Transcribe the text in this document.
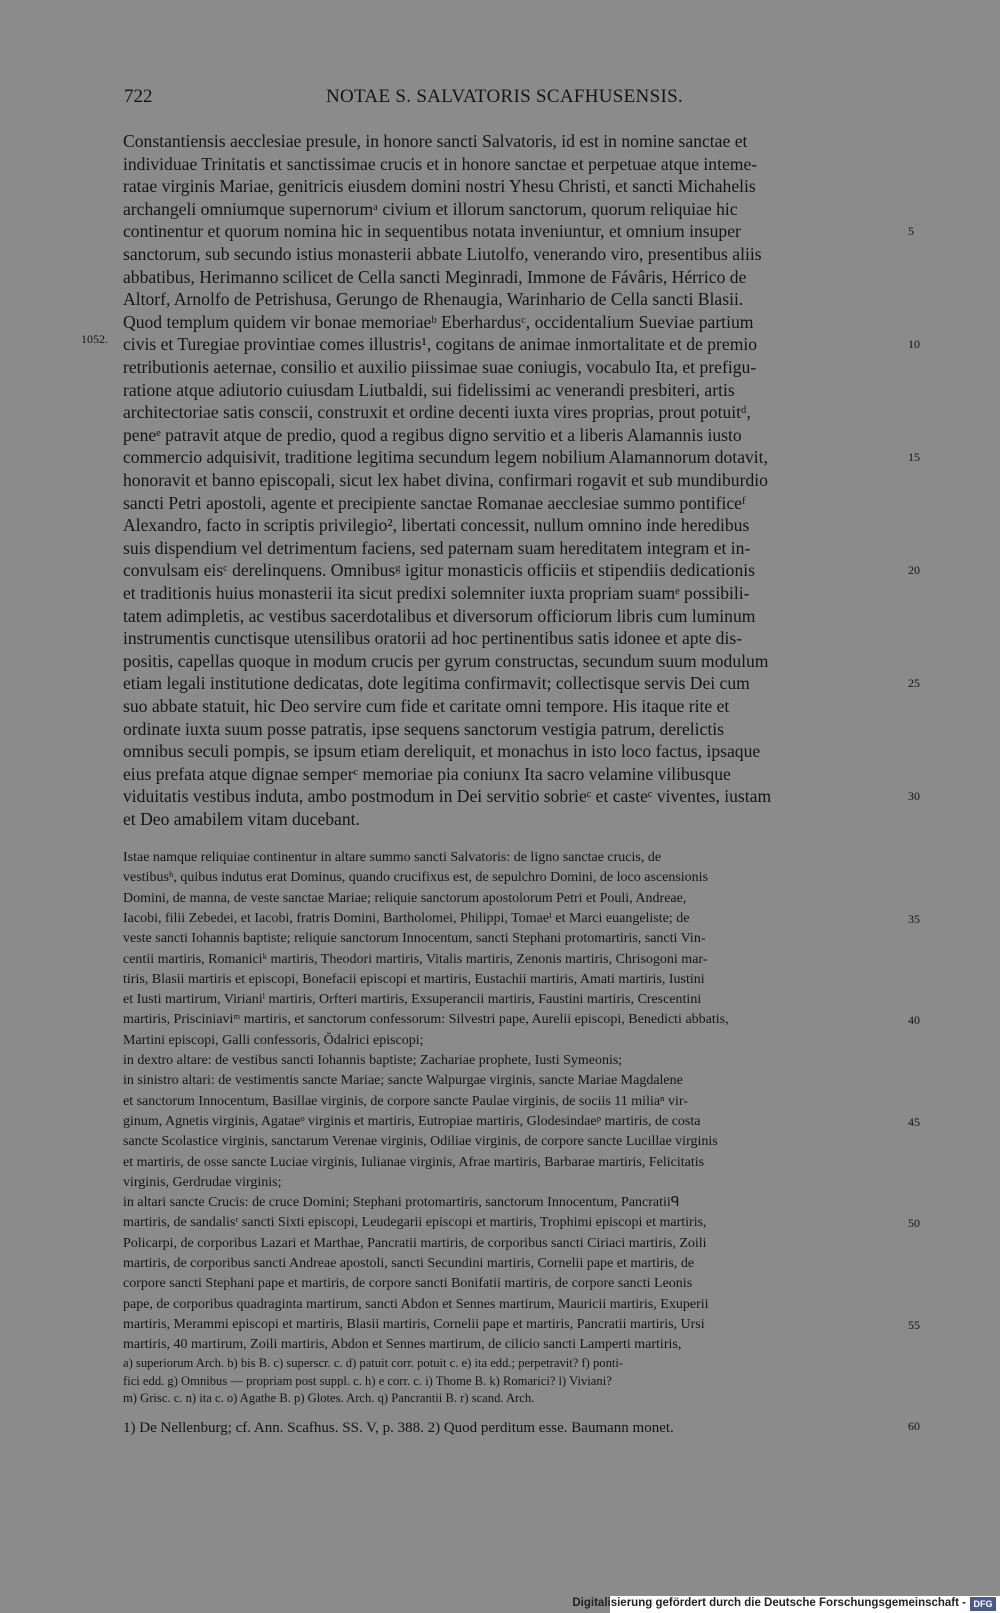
722	NOTAE S. SALVATORIS SCAFHUSENSIS.
Constantiensis aecclesiae presule, in honore sancti Salvatoris, id est in nomine sanctae et
individuae Trinitatis et sanctissimae crucis et in honore sanctae et perpetuae atque inteme-
ratae virginis Mariae, genitricis eiusdem domini nostri Yhesu Christi, et sancti Michahelis
archangeli omniumque supernorumᵃ civium et illorum sanctorum, quorum reliquiae hic
continentur et quorum nomina hic in sequentibus notata inveniuntur, et omnium insuper	5
sanctorum, sub secundo istius monasterii abbate Liutolfo, venerando viro, presentibus aliis
abbatibus, Herimanno scilicet de Cella sancti Meginradi, Immone de Fávâris, Hérrico de
Altorf, Arnolfo de Petrishusa, Gerungo de Rhenaugia, Warinhario de Cella sancti Blasii.
Quod templum quidem vir bonae memoriaeᵇ Eberhardusᶜ, occidentalium Sueviae partium
civis et Turegiae provintiae comes illustris¹, cogitans de animae inmortalitate et de premio	10
retributionis aeternae, consilio et auxilio piissimae suae coniugis, vocabulo Ita, et prefigu-
ratione atque adiutorio cuiusdam Liutbaldi, sui fidelissimi ac venerandi presbiteri, artis
architectoriae satis conscii, construxit et ordine decenti iuxta vires proprias, prout potuitᵈ,
peneᵉ patravit atque de predio, quod a regibus digno servitio et a liberis Alamannis iusto
commercio adquisivit, traditione legitima secundum legem nobilium Alamannorum dotavit,	15
honoravit et banno episcopali, sicut lex habet divina, confirmari rogavit et sub mundiburdio
sancti Petri apostoli, agente et precipiente sanctae Romanae aecclesiae summo pontificeᶠ
Alexandro, facto in scriptis privilegio², libertati concessit, nullum omnino inde heredibus
suis dispendium vel detrimentum faciens, sed paternam suam hereditatem integram et in-
convulsam eisᶜ derelinquens. Omnibusᵍ igitur monasticis officiis et stipendiis dedicationis	20
et traditionis huius monasterii ita sicut predixi solemniter iuxta propriam suamᵉ possibili-
tatem adimpletis, ac vestibus sacerdotalibus et diversorum officiorum libris cum luminum
instrumentis cunctisque utensilibus oratorii ad hoc pertinentibus satis idonee et apte dis-
positis, capellas quoque in modum crucis per gyrum constructas, secundum suum modulum
etiam legali institutione dedicatas, dote legitima confirmavit; collectisque servis Dei cum	25
suo abbate statuit, hic Deo servire cum fide et caritate omni tempore. His itaque rite et
ordinate iuxta suum posse patratis, ipse sequens sanctorum vestigia patrum, derelictis
omnibus seculi pompis, se ipsum etiam dereliquit, et monachus in isto loco factus, ipsaque
eius prefata atque dignae semperᶜ memoriae pia coniunx Ita sacro velamine vilibusque
viduitatis vestibus induta, ambo postmodum in Dei servitio sobrieᶜ et casteᶜ viventes, iustam	30
et Deo amabilem vitam ducebant.
1052.
Istae namque reliquiae continentur in altare summo sancti Salvatoris: de ligno sanctae crucis, de
vestibusʰ, quibus indutus erat Dominus, quando crucifixus est, de sepulchro Domini, de loco ascensionis
Domini, de manna, de veste sanctae Mariae; reliquie sanctorum apostolorum Petri et Pouli, Andreae,
Iacobi, filii Zebedei, et Iacobi, fratris Domini, Bartholomei, Philippi, Tomaeⁱ et Marci euangeliste; de	35
veste sancti Iohannis baptiste; reliquie sanctorum Innocentum, sancti Stephani protomartiris, sancti Vin-
centii martiris, Romaniciᵏ martiris, Theodori martiris, Vitalis martiris, Zenonis martiris, Chrisogoni mar-
tiris, Blasii martiris et episcopi, Bonefacii episcopi et martiris, Eustachii martiris, Amati martiris, Iustini
et Iusti martirum, Virianiˡ martiris, Orfteri martiris, Exsuperancii martiris, Faustini martiris, Crescentini
martiris, Prisciniaviᵐ martiris, et sanctorum confessorum: Silvestri pape, Aurelii episcopi, Benedicti abbatis,	40
Martini episcopi, Galli confessoris, Ŏdalrici episcopi;
in dextro altare: de vestibus sancti Iohannis baptiste; Zachariae prophete, Iusti Symeonis;
in sinistro altari: de vestimentis sancte Mariae; sancte Walpurgae virginis, sancte Mariae Magdalene
et sanctorum Innocentum, Basillae virginis, de corpore sancte Paulae virginis, de sociis 11 miliaⁿ vir-
ginum, Agnetis virginis, Agataeᵒ virginis et martiris, Eutropiae martiris, Glodesindaeᵖ martiris, de costa	45
sancte Scolastice virginis, sanctarum Verenae virginis, Odiliae virginis, de corpore sancte Lucillae virginis
et martiris, de osse sancte Luciae virginis, Iulianae virginis, Afrae martiris, Barbarae martiris, Felicitatis
virginis, Gerdrudae virginis;
in altari sancte Crucis: de cruce Domini; Stephani protomartiris, sanctorum Innocentum, Pancratiiᑫ
martiris, de sandalisʳ sancti Sixti episcopi, Leudegarii episcopi et martiris, Trophimi episcopi et martiris,	50
Policarpi, de corporibus Lazari et Marthae, Pancratii martiris, de corporibus sancti Ciriaci martiris, Zoili
martiris, de corporibus sancti Andreae apostoli, sancti Secundini martiris, Cornelii pape et martiris, de
corpore sancti Stephani pape et martiris, de corpore sancti Bonifatii martiris, de corpore sancti Leonis
pape, de corporibus quadraginta martirum, sancti Abdon et Sennes martirum, Mauricii martiris, Exuperii
martiris, Merammi episcopi et martiris, Blasii martiris, Cornelii pape et martiris, Pancratii martiris, Ursi	55
martiris, 40 martirum, Zoili martiris, Abdon et Sennes martirum, de cilicio sancti Lamperti martiris,
a) superiorum Arch. b) bis B. c) superscr. c. d) patuit corr. potuit c. e) ita edd.; perpetravit? f) ponti-
fici edd. g) Omnibus — propriam post suppl. c. h) e corr. c. i) Thome B. k) Romarici? l) Viviani?
m) Grisc. c. n) ita c. o) Agathe B. p) Glotes. Arch. q) Pancrantii B. r) scand. Arch.
1) De Nellenburg; cf. Ann. Scafhus. SS. V, p. 388. 2) Quod perditum esse. Baumann monet.	60
Digitalisierung gefördert durch die Deutsche Forschungsgemeinschaft - DFG
